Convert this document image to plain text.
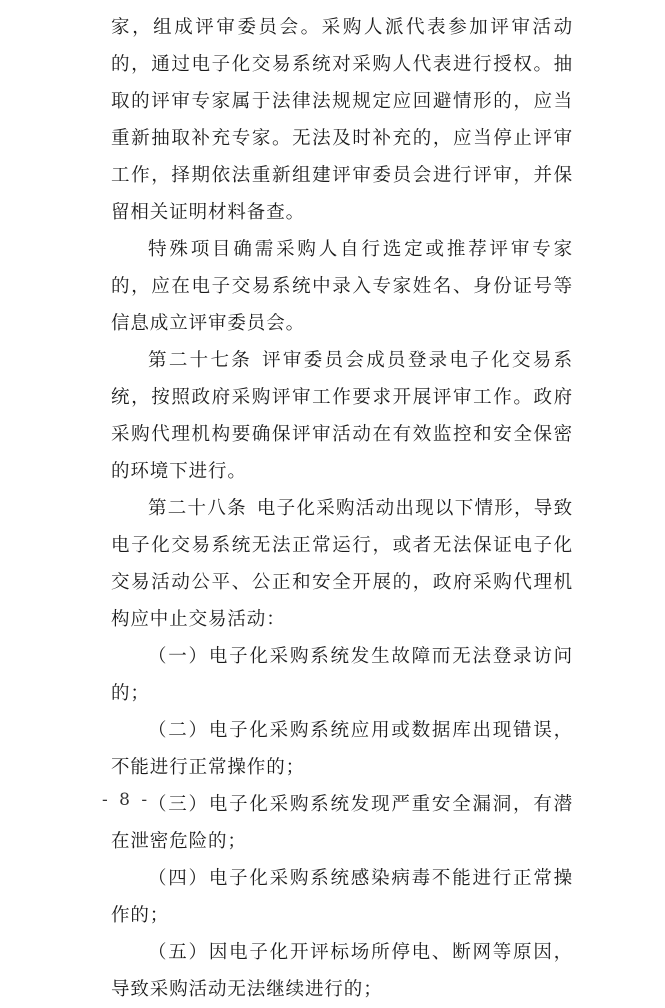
家，组成评审委员会。采购人派代表参加评审活动的，通过电子化交易系统对采购人代表进行授权。抽取的评审专家属于法律法规规定应回避情形的，应当重新抽取补充专家。无法及时补充的，应当停止评审工作，择期依法重新组建评审委员会进行评审，并保留相关证明材料备查。

特殊项目确需采购人自行选定或推荐评审专家的，应在电子交易系统中录入专家姓名、身份证号等信息成立评审委员会。

第二十七条 评审委员会成员登录电子化交易系统，按照政府采购评审工作要求开展评审工作。政府采购代理机构要确保评审活动在有效监控和安全保密的环境下进行。

第二十八条 电子化采购活动出现以下情形，导致电子化交易系统无法正常运行，或者无法保证电子化交易活动公平、公正和安全开展的，政府采购代理机构应中止交易活动：

（一）电子化采购系统发生故障而无法登录访问的；

（二）电子化采购系统应用或数据库出现错误，不能进行正常操作的；

（三）电子化采购系统发现严重安全漏洞，有潜在泄密危险的；

（四）电子化采购系统感染病毒不能进行正常操作的；

（五）因电子化开评标场所停电、断网等原因，导致采购活动无法继续进行的；

- 8 -
